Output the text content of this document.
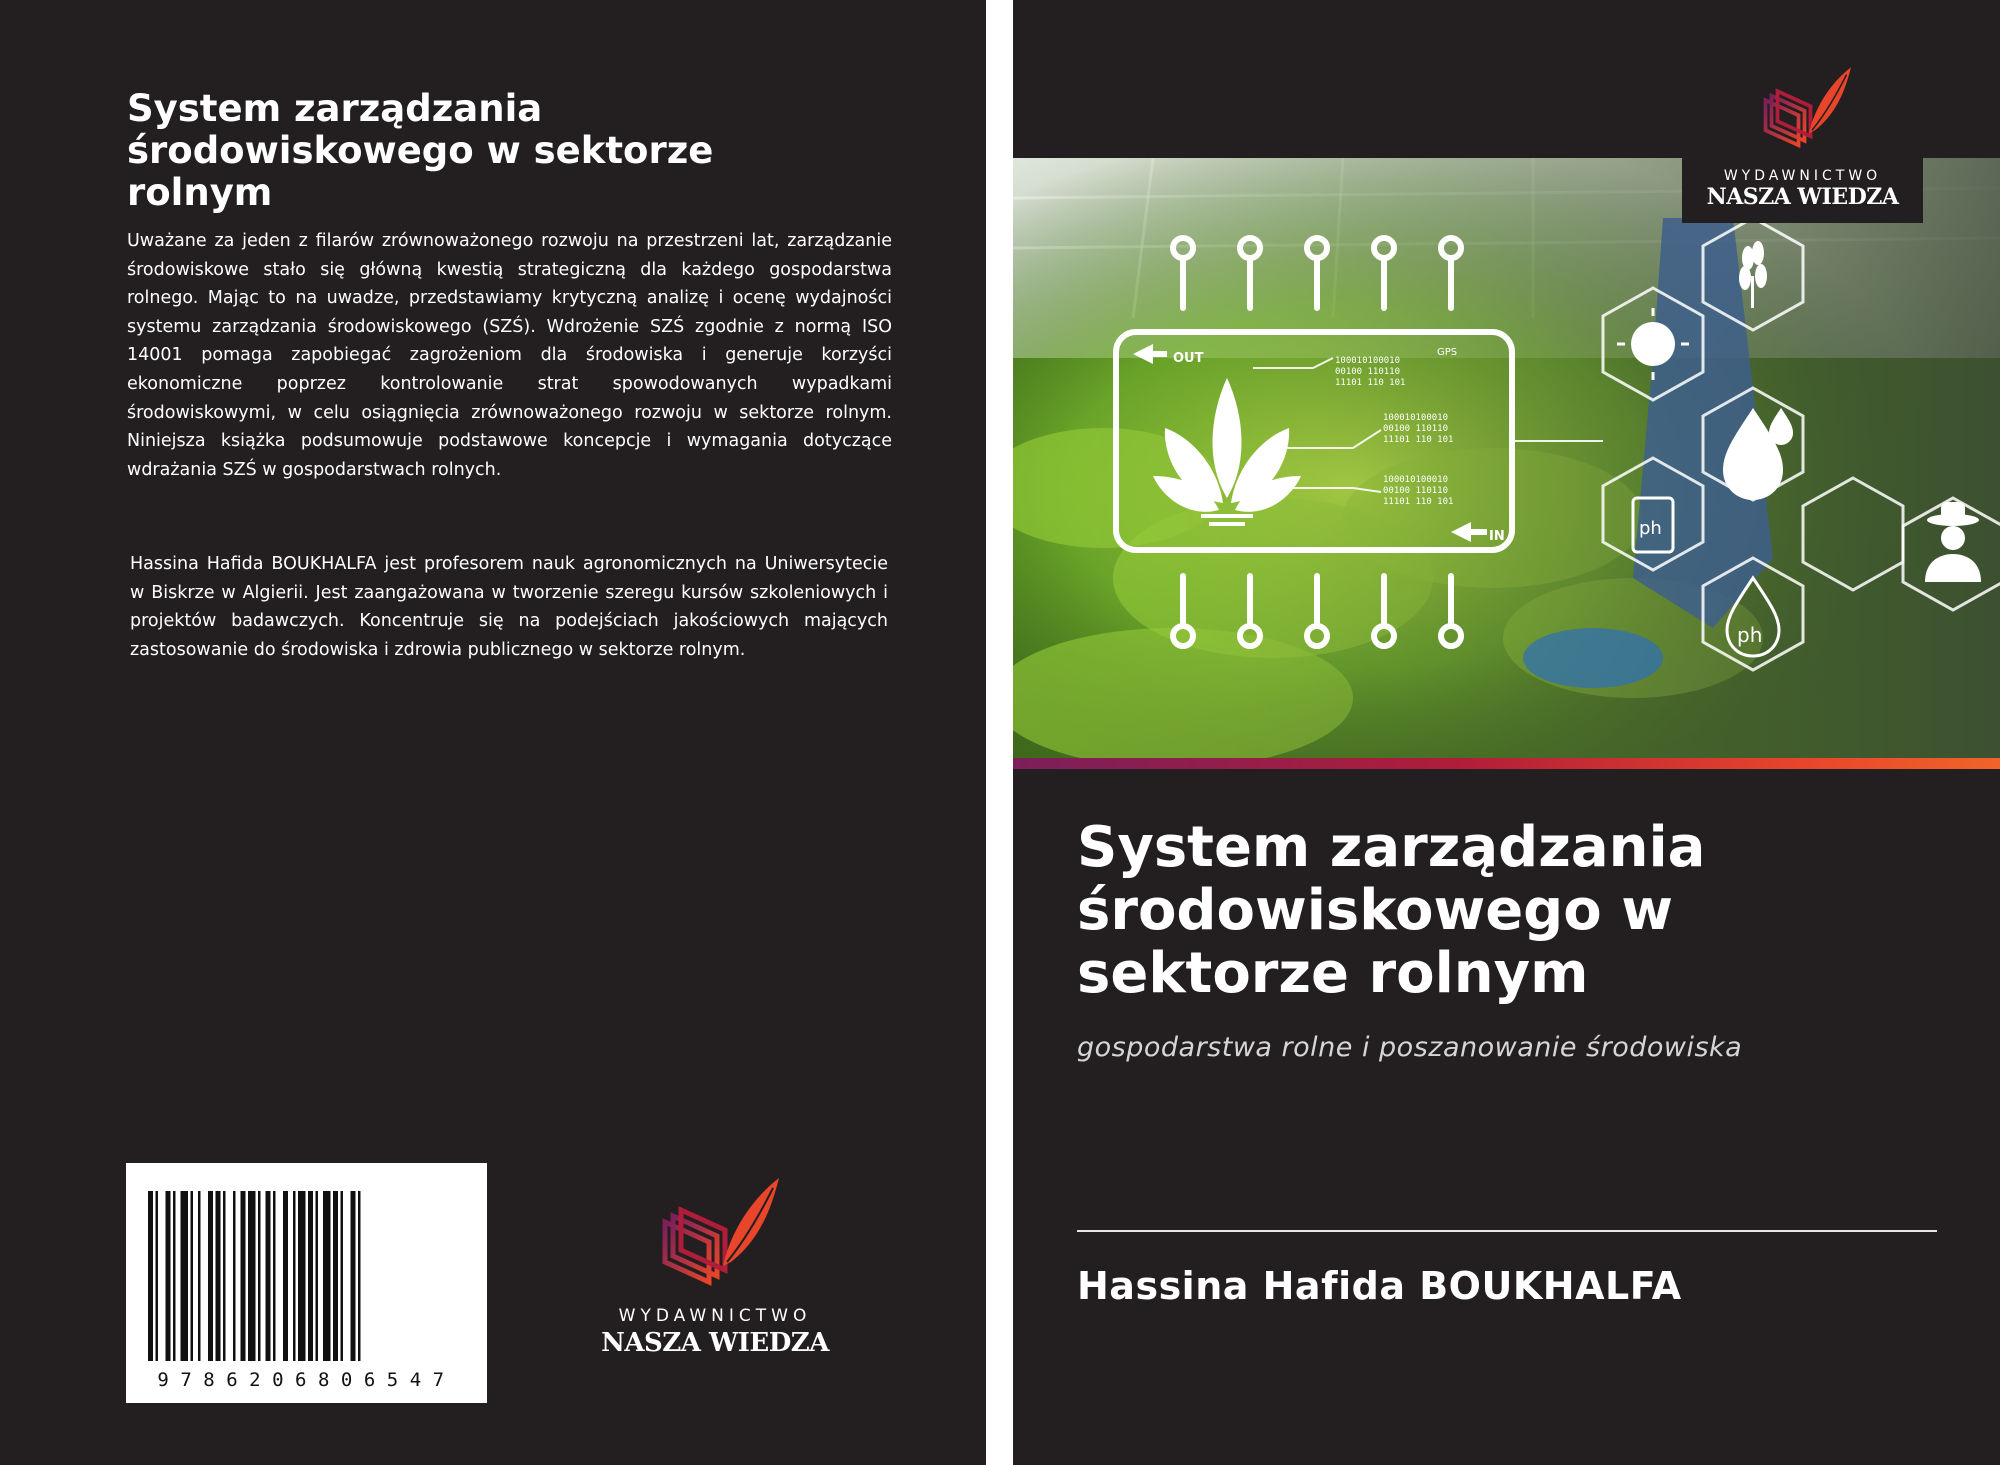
System zarządzania środowiskowego w sektorze rolnym

Uważane za jeden z filarów zrównoważonego rozwoju na przestrzeni lat, zarządzanie środowiskowe stało się główną kwestią strategiczną dla każdego gospodarstwa rolnego. Mając to na uwadze, przedstawiamy krytyczną analizę i ocenę wydajności systemu zarządzania środowiskowego (SZŚ). Wdrożenie SZŚ zgodnie z normą ISO 14001 pomaga zapobiegać zagrożeniom dla środowiska i generuje korzyści ekonomiczne poprzez kontrolowanie strat spowodowanych wypadkami środowiskowymi, w celu osiągnięcia zrównoważonego rozwoju w sektorze rolnym. Niniejsza książka podsumowuje podstawowe koncepcje i wymagania dotyczące wdrażania SZŚ w gospodarstwach rolnych.

Hassina Hafida BOUKHALFA jest profesorem nauk agronomicznych na Uniwersytecie w Biskrze w Algierii. Jest zaangażowana w tworzenie szeregu kursów szkoleniowych i projektów badawczych. Koncentruje się na podejściach jakościowych mających zastosowanie do środowiska i zdrowia publicznego w sektorze rolnym.

9786206806547
WYDAWNICTWO
NASZA WIEDZA
OUT
IN
GPS
100010100010
00100 110110
11101 110 101
100010100010
00100 110110
11101 110 101
100010100010
00100 110110
11101 110 101
ph
ph
WYDAWNICTWO
NASZA WIEDZA
System zarządzania środowiskowego w sektorze rolnym
gospodarstwa rolne i poszanowanie środowiska
Hassina Hafida BOUKHALFA
